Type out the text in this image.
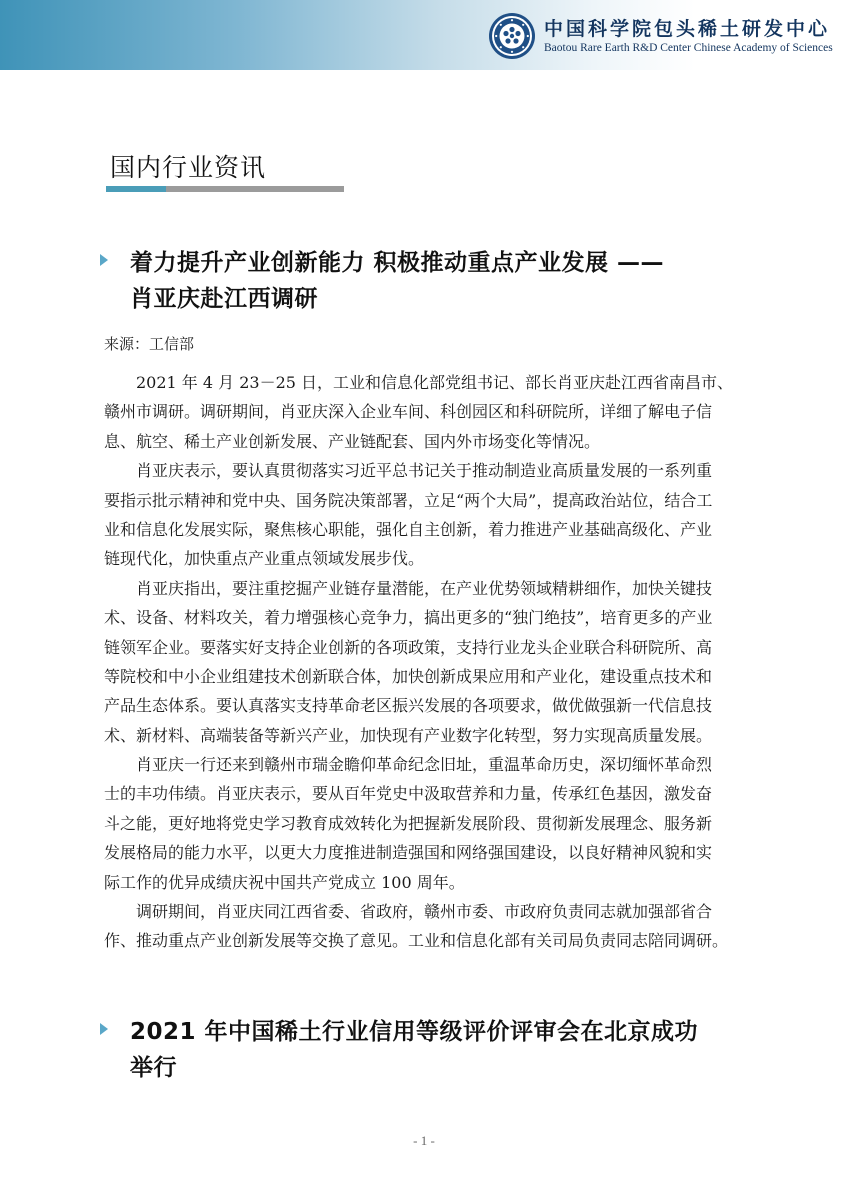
中国科学院包头稀土研发中心
Baotou Rare Earth R&D Center Chinese Academy of Sciences
国内行业资讯
着力提升产业创新能力 积极推动重点产业发展 ——
肖亚庆赴江西调研
来源：工信部
2021 年 4 月 23－25 日，工业和信息化部党组书记、部长肖亚庆赴江西省南昌市、
赣州市调研。调研期间，肖亚庆深入企业车间、科创园区和科研院所，详细了解电子信
息、航空、稀土产业创新发展、产业链配套、国内外市场变化等情况。
肖亚庆表示，要认真贯彻落实习近平总书记关于推动制造业高质量发展的一系列重
要指示批示精神和党中央、国务院决策部署，立足“两个大局”，提高政治站位，结合工
业和信息化发展实际，聚焦核心职能，强化自主创新，着力推进产业基础高级化、产业
链现代化，加快重点产业重点领域发展步伐。
肖亚庆指出，要注重挖掘产业链存量潜能，在产业优势领域精耕细作，加快关键技
术、设备、材料攻关，着力增强核心竞争力，搞出更多的“独门绝技”，培育更多的产业
链领军企业。要落实好支持企业创新的各项政策，支持行业龙头企业联合科研院所、高
等院校和中小企业组建技术创新联合体，加快创新成果应用和产业化，建设重点技术和
产品生态体系。要认真落实支持革命老区振兴发展的各项要求，做优做强新一代信息技
术、新材料、高端装备等新兴产业，加快现有产业数字化转型，努力实现高质量发展。
肖亚庆一行还来到赣州市瑞金瞻仰革命纪念旧址，重温革命历史，深切缅怀革命烈
士的丰功伟绩。肖亚庆表示，要从百年党史中汲取营养和力量，传承红色基因，激发奋
斗之能，更好地将党史学习教育成效转化为把握新发展阶段、贯彻新发展理念、服务新
发展格局的能力水平，以更大力度推进制造强国和网络强国建设，以良好精神风貌和实
际工作的优异成绩庆祝中国共产党成立 100 周年。
调研期间，肖亚庆同江西省委、省政府，赣州市委、市政府负责同志就加强部省合
作、推动重点产业创新发展等交换了意见。工业和信息化部有关司局负责同志陪同调研。
2021 年中国稀土行业信用等级评价评审会在北京成功
举行
- 1 -
